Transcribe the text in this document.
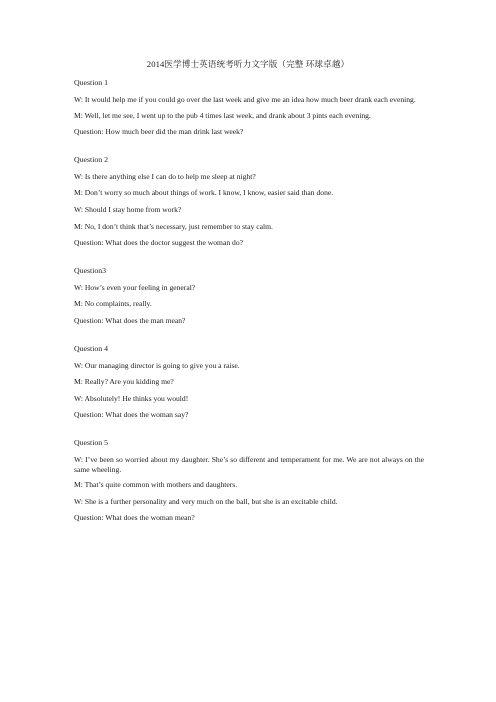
2014医学博士英语统考听力文字版（完整 环球卓越）
Question 1
W: It would help me if you could go over the last week and give me an idea how much beer drank each evening.
M: Well, let me see, I went up to the pub 4 times last week, and drank about 3 pints each evening.
Question: How much beer did the man drink last week?
Question 2
W: Is there anything else I can do to help me sleep at night?
M: Don’t worry so much about things of work. I know, I know, easier said than done.
W: Should I stay home from work?
M: No, I don’t think that’s necessary, just remember to stay calm.
Question: What does the doctor suggest the woman do?
Question3
W: How’s even your feeling in general?
M: No complaints, really.
Question: What does the man mean?
Question 4
W: Our managing director is going to give you a raise.
M: Really? Are you kidding me?
W: Absolutely! He thinks you would!
Question: What does the woman say?
Question 5
W: I’ve been so worried about my daughter. She’s so different and temperament for me. We are not always on the same wheeling.
M: That’s quite common with mothers and daughters.
W: She is a further personality and very much on the ball, but she is an excitable child.
Question: What does the woman mean?
